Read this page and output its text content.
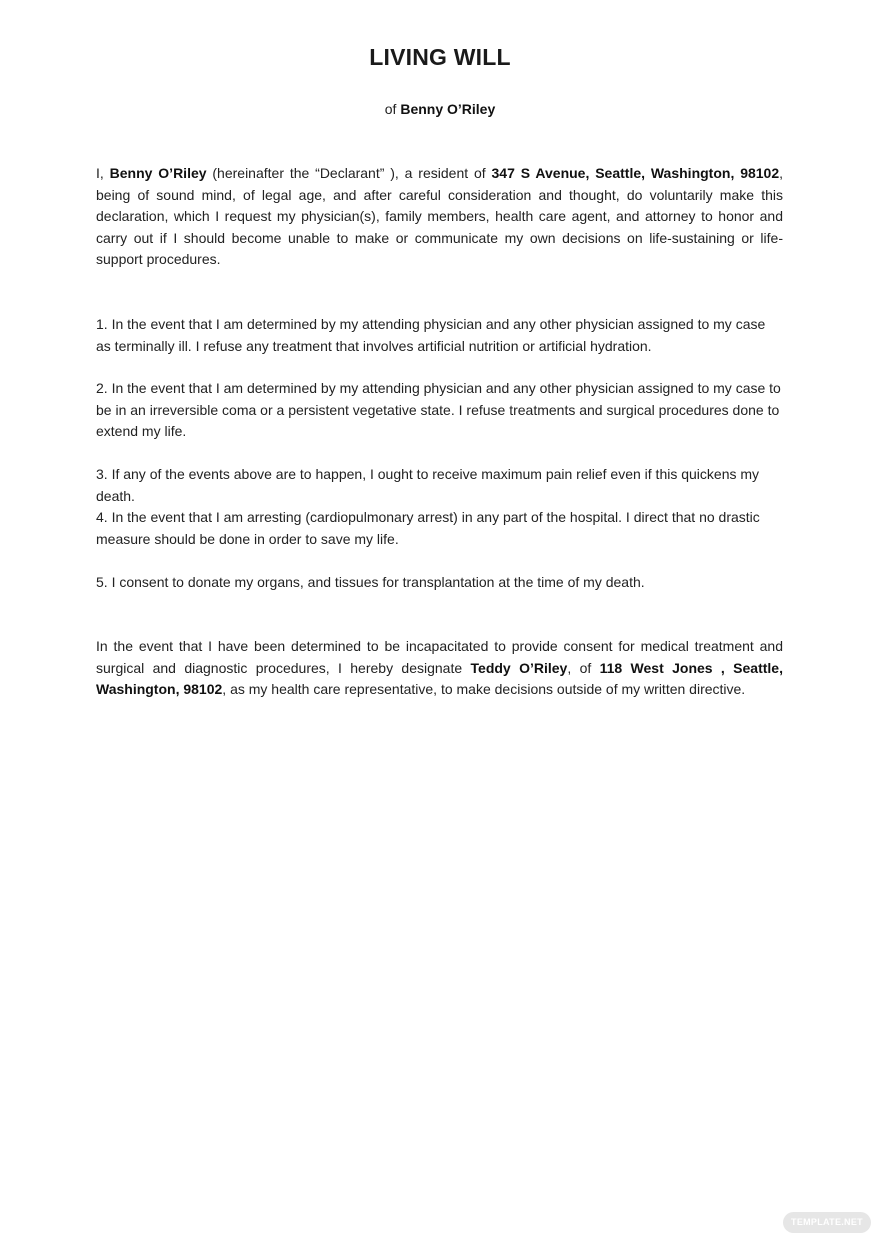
LIVING WILL
of Benny O’Riley
I, Benny O’Riley (hereinafter the “Declarant” ), a resident of 347 S Avenue, Seattle, Washington, 98102, being of sound mind, of legal age, and after careful consideration and thought, do voluntarily make this declaration, which I request my physician(s), family members, health care agent, and attorney to honor and carry out if I should become unable to make or communicate my own decisions on life-sustaining or life-support procedures.
1. In the event that I am determined by my attending physician and any other physician assigned to my case as terminally ill. I refuse any treatment that involves artificial nutrition or artificial hydration.
2. In the event that I am determined by my attending physician and any other physician assigned to my case to be in an irreversible coma or a persistent vegetative state. I refuse treatments and surgical procedures done to extend my life.
3. If any of the events above are to happen, I ought to receive maximum pain relief even if this quickens my death.
4. In the event that I am arresting (cardiopulmonary arrest) in any part of the hospital. I direct that no drastic measure should be done in order to save my life.
5. I consent to donate my organs, and tissues for transplantation at the time of my death.
In the event that I have been determined to be incapacitated to provide consent for medical treatment and surgical and diagnostic procedures, I hereby designate Teddy O’Riley, of 118 West Jones , Seattle, Washington, 98102, as my health care representative, to make decisions outside of my written directive.
TEMPLATE.NET
